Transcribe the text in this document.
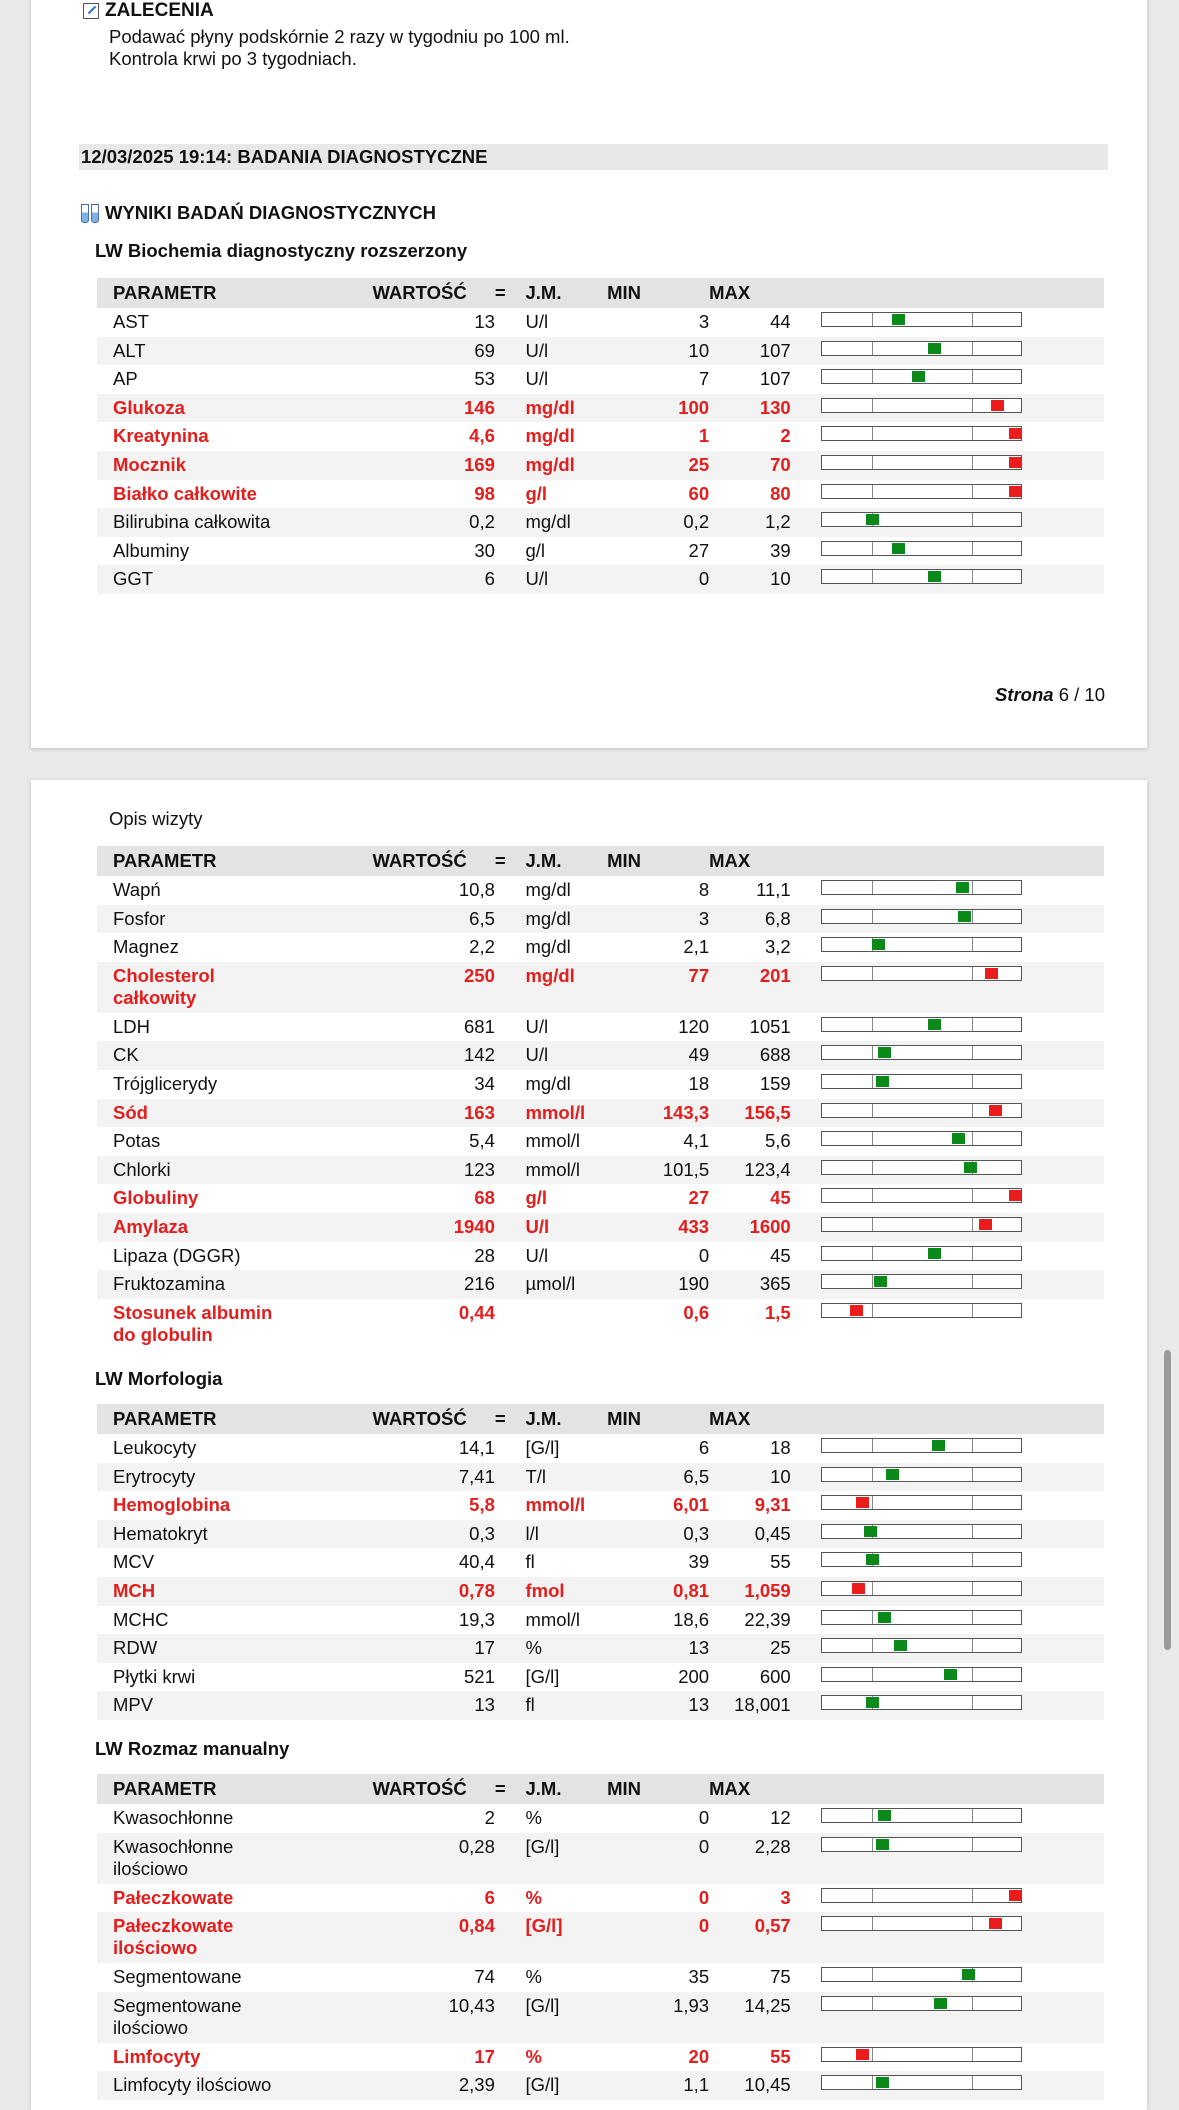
ZALECENIA
Podawać płyny podskórnie 2 razy w tygodniu po 100 ml.
Kontrola krwi po 3 tygodniach.
12/03/2025 19:14: BADANIA DIAGNOSTYCZNE
WYNIKI BADAŃ DIAGNOSTYCZNYCH
LW Biochemia diagnostyczny rozszerzony
PARAMETR	WARTOŚĆ	=	J.M.	MIN	MAX		
AST	13		U/l	3	44		

ALT	69		U/l	10	107		

AP	53		U/l	7	107		

Glukoza	146		mg/dl	100	130		

Kreatynina	4,6		mg/dl	1	2		

Mocznik	169		mg/dl	25	70		

Białko całkowite	98		g/l	60	80		

Bilirubina całkowita	0,2		mg/dl	0,2	1,2		

Albuminy	30		g/l	27	39		

GGT	6		U/l	0	10		
Strona 6 / 10
Opis wizyty
PARAMETR	WARTOŚĆ	=	J.M.	MIN	MAX		
Wapń	10,8		mg/dl	8	11,1		

Fosfor	6,5		mg/dl	3	6,8		

Magnez	2,2		mg/dl	2,1	3,2		

Cholesterol
całkowity	250		mg/dl	77	201		

LDH	681		U/l	120	1051		

CK	142		U/l	49	688		

Trójglicerydy	34		mg/dl	18	159		

Sód	163		mmol/l	143,3	156,5		

Potas	5,4		mmol/l	4,1	5,6		

Chlorki	123		mmol/l	101,5	123,4		

Globuliny	68		g/l	27	45		

Amylaza	1940		U/l	433	1600		

Lipaza (DGGR)	28		U/l	0	45		

Fruktozamina	216		µmol/l	190	365		

Stosunek albumin
do globulin	0,44			0,6	1,5		
LW Morfologia
PARAMETR	WARTOŚĆ	=	J.M.	MIN	MAX		
Leukocyty	14,1		[G/l]	6	18		

Erytrocyty	7,41		T/l	6,5	10		

Hemoglobina	5,8		mmol/l	6,01	9,31		

Hematokryt	0,3		l/l	0,3	0,45		

MCV	40,4		fl	39	55		

MCH	0,78		fmol	0,81	1,059		

MCHC	19,3		mmol/l	18,6	22,39		

RDW	17		%	13	25		

Płytki krwi	521		[G/l]	200	600		

MPV	13		fl	13	18,001		
LW Rozmaz manualny
PARAMETR	WARTOŚĆ	=	J.M.	MIN	MAX		
Kwasochłonne	2		%	0	12		

Kwasochłonne
ilościowo	0,28		[G/l]	0	2,28		

Pałeczkowate	6		%	0	3		

Pałeczkowate
ilościowo	0,84		[G/l]	0	0,57		

Segmentowane	74		%	35	75		

Segmentowane
ilościowo	10,43		[G/l]	1,93	14,25		

Limfocyty	17		%	20	55		

Limfocyty ilościowo	2,39		[G/l]	1,1	10,45		
